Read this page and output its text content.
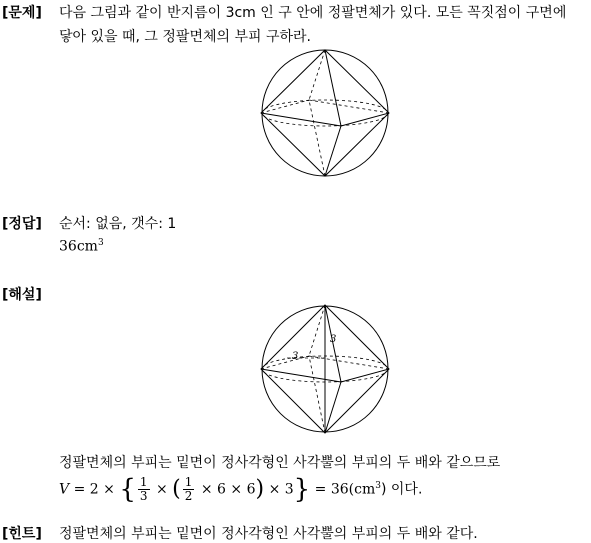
[문제] 다음 그림과 같이 반지름이 3cm 인 구 안에 정팔면체가 있다. 모든 꼭짓점이 구면에
닿아 있을 때, 그 정팔면체의 부피 구하라.
[정답] 순서: 없음, 갯수: 1
$36cm^3$
[해설]
3
3
정팔면체의 부피는 밑면이 정사각형인 사각뿔의 부피의 두 배와 같으므로
V = 2 × { $\frac{1}{3}$ × ( $\frac{1}{2} \times 6 \times 6) \times 3\} = 36(cm^3)$ 이다.
[힌트] 정팔면체의 부피는 밑면이 정사각형인 사각뿔의 부피의 두 배와 같다.
